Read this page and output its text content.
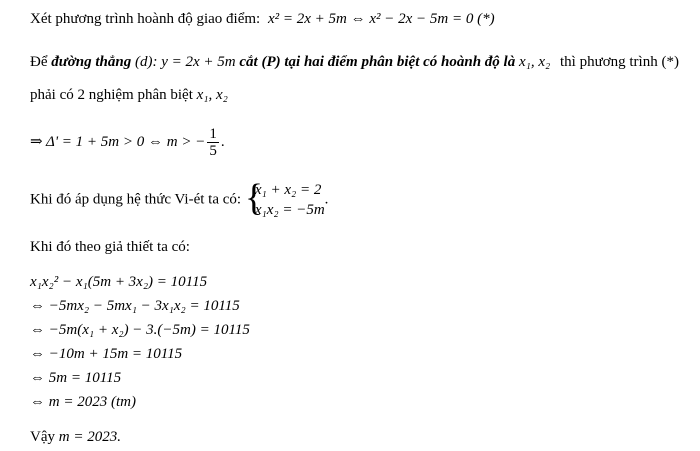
Xét phương trình hoành độ giao điểm: x² = 2x + 5m ⇔ x² − 2x − 5m = 0 (*)
Để đường thẳng (d): y = 2x + 5m cắt (P) tại hai điểm phân biệt có hoành độ là x₁, x₂ thì phương trình (*)
phải có 2 nghiệm phân biệt x₁, x₂
⇒ Δ' = 1 + 5m > 0 ⇔ m > − $\frac{1}{5}$ .
Khi đó áp dụng hệ thức Vi-ét ta có: {
x₁ + x₂ = 2
x₁x₂ = −5m
.
Khi đó theo giả thiết ta có:
x₁x₂² − x₁(5m + 3x₂) = 10115
⇔ −5mx₂ − 5mx₁ − 3x₁x₂ = 10115
⇔ −5m(x₁ + x₂) − 3.(−5m) = 10115
⇔ −10m + 15m = 10115
⇔ 5m = 10115
⇔ m = 2023 (tm)
Vậy m = 2023.
